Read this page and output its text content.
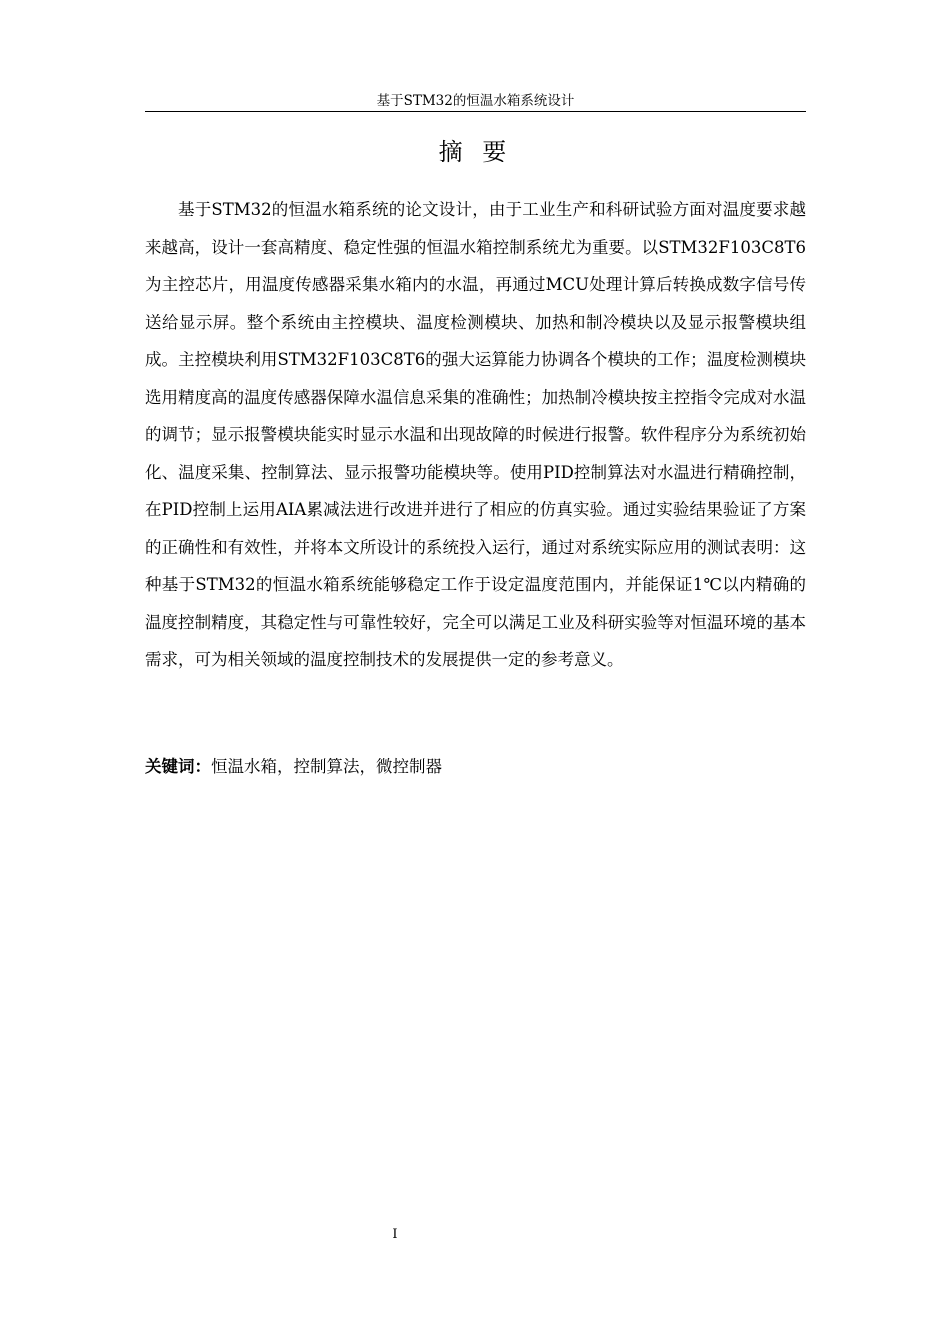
基于STM32的恒温水箱系统设计
摘 要

基于STM32的恒温水箱系统的论文设计，由于工业生产和科研试验方面对温度要求越来越高，设计一套高精度、稳定性强的恒温水箱控制系统尤为重要。以STM32F103C8T6为主控芯片，用温度传感器采集水箱内的水温，再通过MCU处理计算后转换成数字信号传送给显示屏。整个系统由主控模块、温度检测模块、加热和制冷模块以及显示报警模块组成。主控模块利用STM32F103C8T6的强大运算能力协调各个模块的工作；温度检测模块选用精度高的温度传感器保障水温信息采集的准确性；加热制冷模块按主控指令完成对水温的调节；显示报警模块能实时显示水温和出现故障的时候进行报警。软件程序分为系统初始化、温度采集、控制算法、显示报警功能模块等。使用PID控制算法对水温进行精确控制，在PID控制上运用AIA累减法进行改进并进行了相应的仿真实验。通过实验结果验证了方案的正确性和有效性，并将本文所设计的系统投入运行，通过对系统实际应用的测试表明：这种基于STM32的恒温水箱系统能够稳定工作于设定温度范围内，并能保证1℃以内精确的温度控制精度，其稳定性与可靠性较好，完全可以满足工业及科研实验等对恒温环境的基本需求，可为相关领域的温度控制技术的发展提供一定的参考意义。

关键词：恒温水箱，控制算法，微控制器
I
